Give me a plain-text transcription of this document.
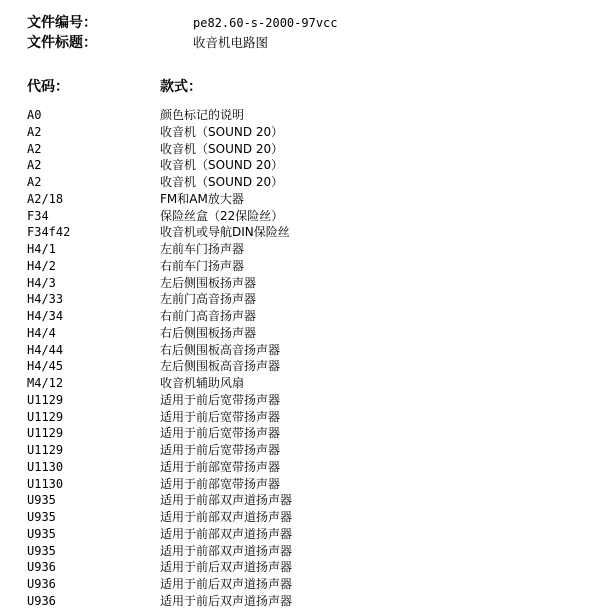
文件编号：	pe82.60-s-2000-97vcc
文件标题：	收音机电路图
代码：	款式：
A0	颜色标记的说明
A2	收音机（SOUND 20）
A2	收音机（SOUND 20）
A2	收音机（SOUND 20）
A2	收音机（SOUND 20）
A2/18	FM和AM放大器
F34	保险丝盒（22保险丝）
F34f42	收音机或导航DIN保险丝
H4/1	左前车门扬声器
H4/2	右前车门扬声器
H4/3	左后侧围板扬声器
H4/33	左前门高音扬声器
H4/34	右前门高音扬声器
H4/4	右后侧围板扬声器
H4/44	右后侧围板高音扬声器
H4/45	左后侧围板高音扬声器
M4/12	收音机辅助风扇
U1129	适用于前后宽带扬声器
U1129	适用于前后宽带扬声器
U1129	适用于前后宽带扬声器
U1129	适用于前后宽带扬声器
U1130	适用于前部宽带扬声器
U1130	适用于前部宽带扬声器
U935	适用于前部双声道扬声器
U935	适用于前部双声道扬声器
U935	适用于前部双声道扬声器
U935	适用于前部双声道扬声器
U936	适用于前后双声道扬声器
U936	适用于前后双声道扬声器
U936	适用于前后双声道扬声器
